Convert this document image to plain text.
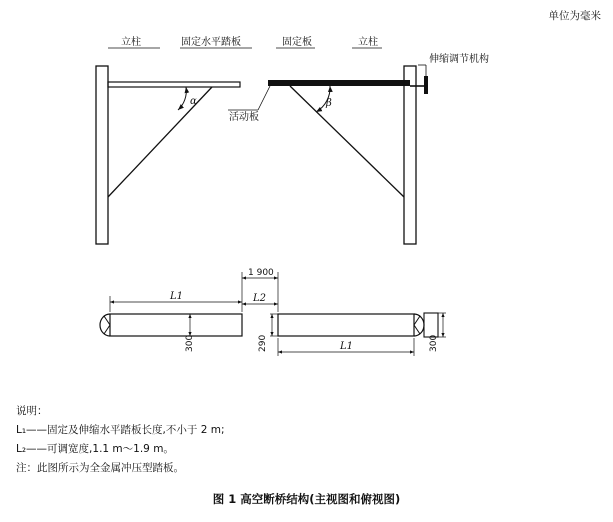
α
立柱	固定水平踏板	固定板	立柱
伸缩调节机构
β
活动板
L1
300
1 900
L2
290	L1	300
单位为毫米
说明：
L₁——固定及伸缩水平踏板长度,不小于 2 m;
L₂——可调宽度,1.1 m～1.9 m。
注：此图所示为全金属冲压型踏板。
图 1 高空断桥结构(主视图和俯视图)
